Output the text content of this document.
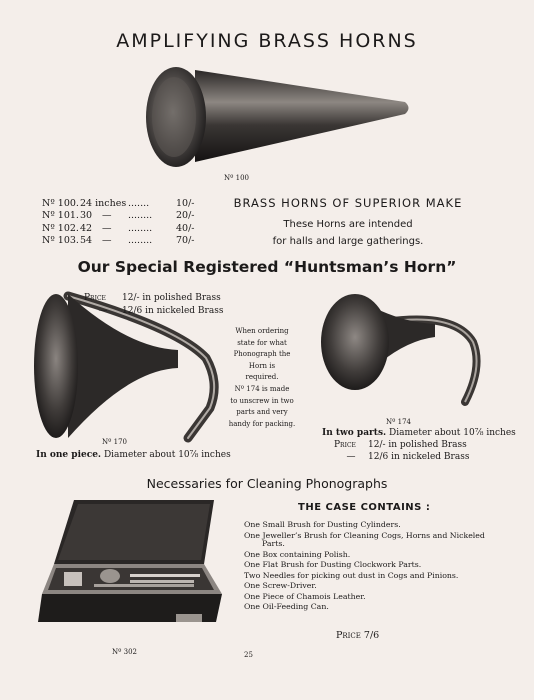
AMPLIFYING BRASS HORNS
Nº 100
Nº 100.24 inches .......	10/-
Nº 101.30 — ........	20/-
Nº 102.42 — ........	40/-
Nº 103.54 — ........	70/-
BRASS HORNS OF SUPERIOR MAKE
These Horns are intended
for halls and large gatherings.
Our Special Registered “Huntsman’s Horn”
Nº 170
In one piece. Diameter about 10⅞ inches
Price 12/- in polished Brass
— 12/6 in nickeled Brass
When ordering
state for what
Phonograph the
Horn is required.
Nº 174 is made
to unscrew in two
parts and very
handy for packing.	Nº 174
In two parts. Diameter about 10⅞ inches
Price 12/- in polished Brass
— 12/6 in nickeled Brass
Necessaries for Cleaning Phonographs
Nº 302
THE CASE CONTAINS :
One Small Brush for Dusting Cylinders.
One Jeweller’s Brush for Cleaning Cogs, Horns and Nickeled
Parts.
One Box containing Polish.
One Flat Brush for Dusting Clockwork Parts.
Two Needles for picking out dust in Cogs and Pinions.
One Screw-Driver.
One Piece of Chamois Leather.
One Oil-Feeding Can.
Price 7/6
25
